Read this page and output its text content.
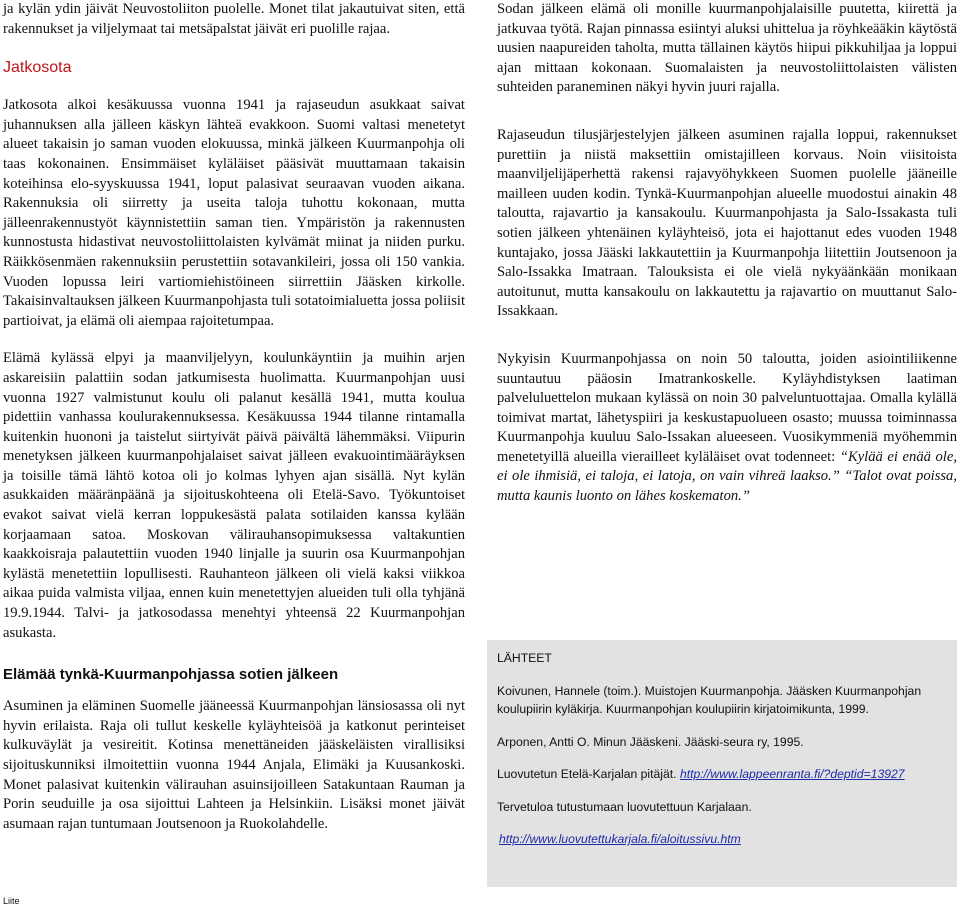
ja kylän ydin jäivät Neuvostoliiton puolelle. Monet tilat jakautuivat siten, että rakennukset ja viljelymaat tai metsäpalstat jäivät eri puolille rajaa.

Jatkosota

Jatkosota alkoi kesäkuussa vuonna 1941 ja rajaseudun asukkaat saivat juhannuksen alla jälleen käskyn lähteä evakkoon. Suomi valtasi menetetyt alueet takaisin jo saman vuoden elokuussa, minkä jälkeen Kuurmanpohja oli taas kokonainen. Ensimmäiset kyläläiset pääsivät muuttamaan takaisin koteihinsa elo-syyskuussa 1941, loput palasivat seuraavan vuoden aikana. Rakennuksia oli siirretty ja useita taloja tuhottu kokonaan, mutta jälleenrakennustyöt käynnistettiin saman tien. Ympäristön ja rakennusten kunnostusta hidastivat neuvostoliittolaisten kylvämät miinat ja niiden purku. Räikkösenmäen rakennuksiin perustettiin sotavankileiri, jossa oli 150 vankia. Vuoden lopussa leiri vartiomiehistöineen siirrettiin Jääsken kirkolle. Takaisinvaltauksen jälkeen Kuurmanpohjasta tuli sotatoimialuetta jossa poliisit partioivat, ja elämä oli aiempaa rajoitetumpaa.

Elämä kylässä elpyi ja maanviljelyyn, koulunkäyntiin ja muihin arjen askareisiin palattiin sodan jatkumisesta huolimatta. Kuurmanpohjan uusi vuonna 1927 valmistunut koulu oli palanut kesällä 1941, mutta koulua pidettiin vanhassa koulurakennuksessa. Kesäkuussa 1944 tilanne rintamalla kuitenkin huononi ja taistelut siirtyivät päivä päivältä lähemmäksi. Viipurin menetyksen jälkeen kuurmanpohjalaiset saivat jälleen evakuointimääräyksen ja toisille tämä lähtö kotoa oli jo kolmas lyhyen ajan sisällä. Nyt kylän asukkaiden määränpäänä ja sijoituskohteena oli Etelä-Savo. Työkuntoiset evakot saivat vielä kerran loppukesästä palata sotilaiden kanssa kylään korjaamaan satoa. Moskovan välirauhansopimuksessa valtakuntien kaakkoisraja palautettiin vuoden 1940 linjalle ja suurin osa Kuurmanpohjan kylästä menetettiin lopullisesti. Rauhanteon jälkeen oli vielä kaksi viikkoa aikaa puida valmista viljaa, ennen kuin menetettyjen alueiden tuli olla tyhjänä 19.9.1944. Talvi- ja jatkosodassa menehtyi yhteensä 22 Kuurmanpohjan asukasta.

Elämää tynkä-Kuurmanpohjassa sotien jälkeen

Asuminen ja eläminen Suomelle jääneessä Kuurmanpohjan länsiosassa oli nyt hyvin erilaista. Raja oli tullut keskelle kyläyhteisöä ja katkonut perinteiset kulkuväylät ja vesireitit. Kotinsa menettäneiden jääskeläisten virallisiksi sijoituskunniksi ilmoitettiin vuonna 1944 Anjala, Elimäki ja Kuusankoski. Monet palasivat kuitenkin välirauhan asuinsijoilleen Satakuntaan Rauman ja Porin seuduille ja osa sijoittui Lahteen ja Helsinkiin. Lisäksi monet jäivät asumaan rajan tuntumaan Joutsenoon ja Ruokolahdelle.

Sodan jälkeen elämä oli monille kuurmanpohjalaisille puutetta, kiirettä ja jatkuvaa työtä. Rajan pinnassa esiintyi aluksi uhittelua ja röyhkeääkin käytöstä uusien naapureiden taholta, mutta tällainen käytös hiipui pikkuhiljaa ja loppui ajan mittaan kokonaan. Suomalaisten ja neuvostoliittolaisten välisten suhteiden paraneminen näkyi hyvin juuri rajalla.

Rajaseudun tilusjärjestelyjen jälkeen asuminen rajalla loppui, rakennukset purettiin ja niistä maksettiin omistajilleen korvaus. Noin viisitoista maanviljelijäperhettä rakensi rajavyöhykkeen Suomen puolelle jääneille mailleen uuden kodin. Tynkä-Kuurmanpohjan alueelle muodostui ainakin 48 taloutta, rajavartio ja kansakoulu. Kuurmanpohjasta ja Salo-Issakasta tuli sotien jälkeen yhtenäinen kyläyhteisö, jota ei hajottanut edes vuoden 1948 kuntajako, jossa Jääski lakkautettiin ja Kuurmanpohja liitettiin Joutsenoon ja Salo-Issakka Imatraan. Talouksista ei ole vielä nykyäänkään monikaan autoitunut, mutta kansakoulu on lakkautettu ja rajavartio on muuttanut Salo-Issakkaan.

Nykyisin Kuurmanpohjassa on noin 50 taloutta, joiden asiointiliikenne suuntautuu pääosin Imatrankoskelle. Kyläyhdistyksen laatiman palveluluettelon mukaan kylässä on noin 30 palveluntuottajaa. Omalla kylällä toimivat martat, lähetyspiiri ja keskustapuolueen osasto; muussa toiminnassa Kuurmanpohja kuuluu Salo-Issakan alueeseen. Vuosikymmeniä myöhemmin menetetyillä alueilla vierailleet kyläläiset ovat todenneet: “Kylää ei enää ole, ei ole ihmisiä, ei taloja, ei latoja, on vain vihreä laakso.” “Talot ovat poissa, mutta kaunis luonto on lähes koskematon.”

LÄHTEET
Koivunen, Hannele (toim.). Muistojen Kuurmanpohja. Jääsken Kuurmanpohjan koulupiirin kyläkirja. Kuurmanpohjan koulupiirin kirjatoimikunta, 1999.
Arponen, Antti O. Minun Jääskeni. Jääski-seura ry, 1995.
Luovutetun Etelä-Karjalan pitäjät. http://www.lappeenranta.fi/?deptid=13927
Tervetuloa tutustumaan luovutettuun Karjalaan.
http://www.luovutettukarjala.fi/aloitussivu.htm
Liite
